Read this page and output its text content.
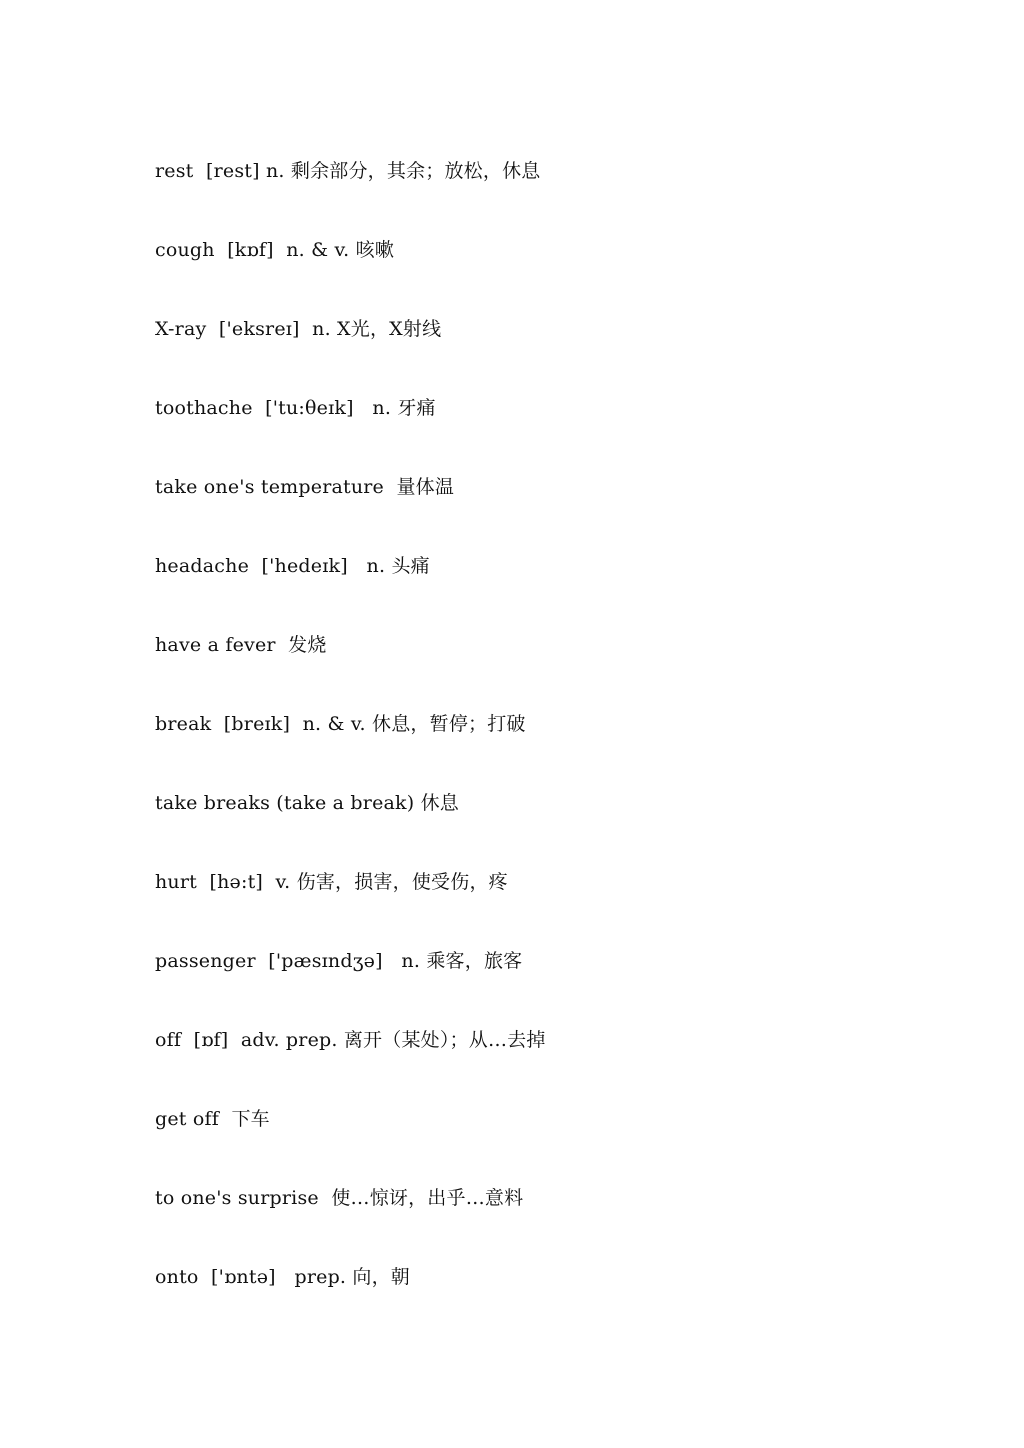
rest  [rest] n. 剩余部分，其余；放松，休息
cough  [kɒf]  n. & v. 咳嗽
X-ray  ['eksreɪ]  n. X光，X射线
toothache  ['tu:θeɪk]   n. 牙痛
take one's temperature  量体温
headache  ['hedeɪk]   n. 头痛
have a fever  发烧
break  [breɪk]  n. & v. 休息，暂停；打破
take breaks (take a break) 休息
hurt  [hə:t]  v. 伤害，损害，使受伤，疼
passenger  ['pæsɪndʒə]   n. 乘客，旅客
off  [ɒf]  adv. prep. 离开（某处）；从…去掉
get off  下车
to one's surprise  使…惊讶，出乎…意料
onto  ['ɒntə]   prep. 向，朝
